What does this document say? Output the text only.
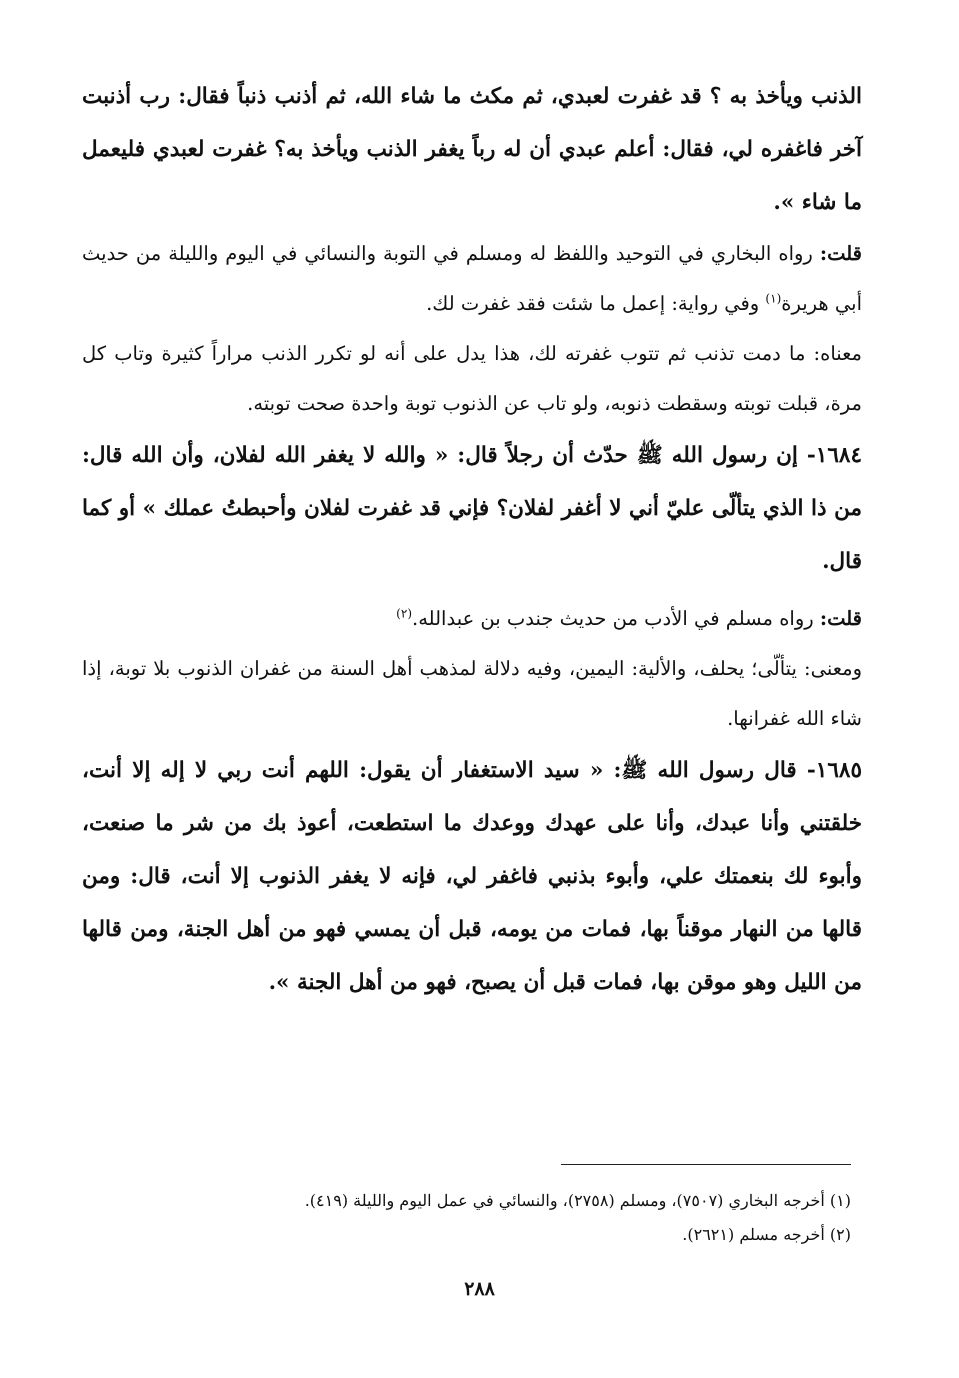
الذنب ويأخذ به ؟ قد غفرت لعبدي، ثم مكث ما شاء الله، ثم أذنب ذنباً فقال: رب أذنبت آخر فاغفره لي، فقال: أعلم عبدي أن له رباً يغفر الذنب ويأخذ به؟ غفرت لعبدي فليعمل ما شاء ».

قلت: رواه البخاري في التوحيد واللفظ له ومسلم في التوبة والنسائي في اليوم والليلة من حديث أبي هريرة$^{(١)}$ وفي رواية: إعمل ما شئت فقد غفرت لك.

معناه: ما دمت تذنب ثم تتوب غفرته لك، هذا يدل على أنه لو تكرر الذنب مراراً كثيرة وتاب كل مرة، قبلت توبته وسقطت ذنوبه، ولو تاب عن الذنوب توبة واحدة صحت توبته.

١٦٨٤- إن رسول الله ﷺ حدّث أن رجلاً قال: « والله لا يغفر الله لفلان، وأن الله قال: من ذا الذي يتألّى عليّ أني لا أغفر لفلان؟ فإني قد غفرت لفلان وأحبطتُ عملك » أو كما قال.

قلت: رواه مسلم في الأدب من حديث جندب بن عبدالله.$^{(٢)}$

ومعنى: يتألّى؛ يحلف، والألية: اليمين، وفيه دلالة لمذهب أهل السنة من غفران الذنوب بلا توبة، إذا شاء الله غفرانها.

١٦٨٥- قال رسول الله ﷺ: « سيد الاستغفار أن يقول: اللهم أنت ربي لا إله إلا أنت، خلقتني وأنا عبدك، وأنا على عهدك ووعدك ما استطعت، أعوذ بك من شر ما صنعت، وأبوء لك بنعمتك علي، وأبوء بذنبي فاغفر لي، فإنه لا يغفر الذنوب إلا أنت، قال: ومن قالها من النهار موقناً بها، فمات من يومه، قبل أن يمسي فهو من أهل الجنة، ومن قالها من الليل وهو موقن بها، فمات قبل أن يصبح، فهو من أهل الجنة ».

(١) أخرجه البخاري (٧٥٠٧)، ومسلم (٢٧٥٨)، والنسائي في عمل اليوم والليلة (٤١٩).

(٢) أخرجه مسلم (٢٦٢١).

٢٨٨
